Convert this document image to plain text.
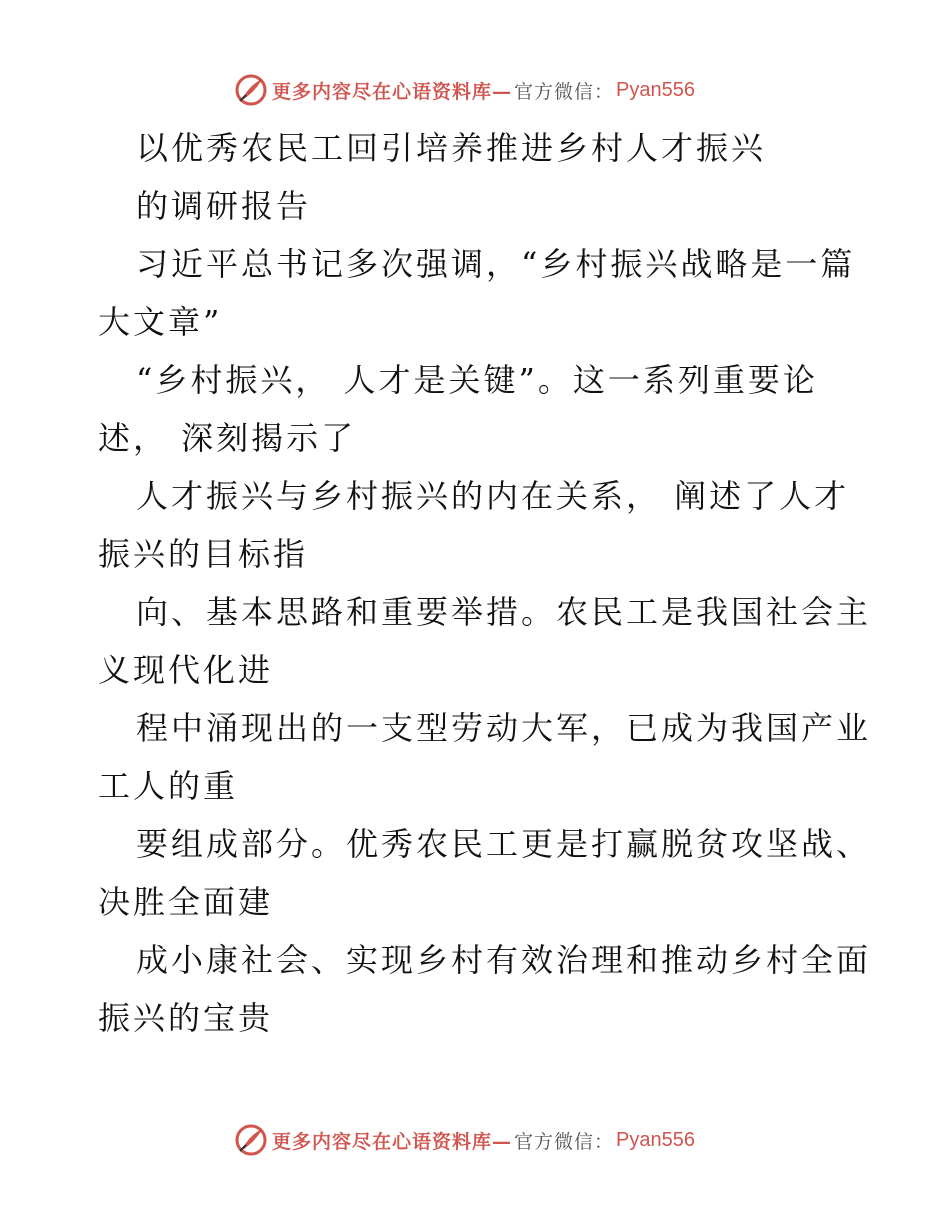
更多内容尽在心语资料库— 官方微信： Pyan556
以优秀农民工回引培养推进乡村人才振兴
的调研报告
习近平总书记多次强调，“乡村振兴战略是一篇
大文章”
“乡村振兴， 人才是关键”。这一系列重要论
述， 深刻揭示了
人才振兴与乡村振兴的内在关系， 阐述了人才
振兴的目标指
向、基本思路和重要举措。农民工是我国社会主
义现代化进
程中涌现出的一支型劳动大军，已成为我国产业
工人的重
要组成部分。优秀农民工更是打赢脱贫攻坚战、
决胜全面建
成小康社会、实现乡村有效治理和推动乡村全面
振兴的宝贵
更多内容尽在心语资料库— 官方微信： Pyan556
